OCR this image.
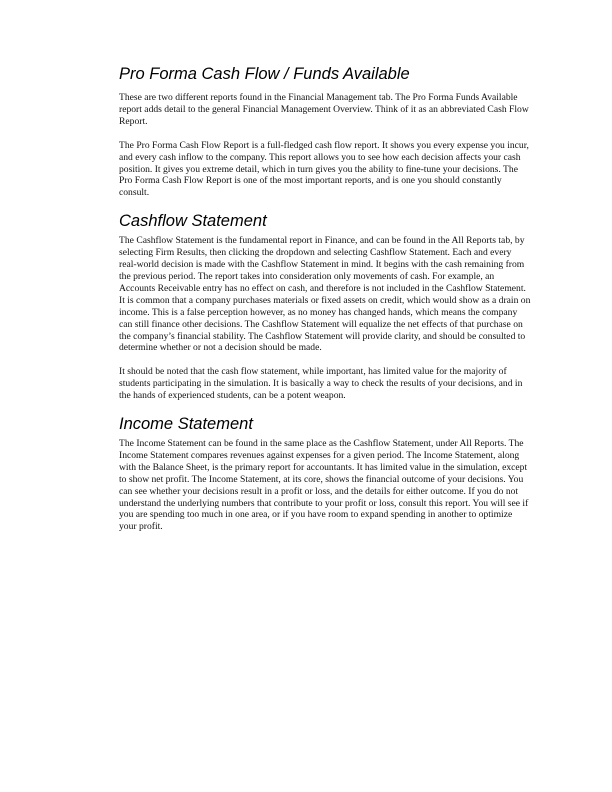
Pro Forma Cash Flow / Funds Available

These are two different reports found in the Financial Management tab. The Pro Forma Funds Available report adds detail to the general Financial Management Overview. Think of it as an abbreviated Cash Flow Report.

The Pro Forma Cash Flow Report is a full-fledged cash flow report. It shows you every expense you incur, and every cash inflow to the company. This report allows you to see how each decision affects your cash position. It gives you extreme detail, which in turn gives you the ability to fine-tune your decisions. The Pro Forma Cash Flow Report is one of the most important reports, and is one you should constantly consult.

Cashflow Statement

The Cashflow Statement is the fundamental report in Finance, and can be found in the All Reports tab, by selecting Firm Results, then clicking the dropdown and selecting Cashflow Statement. Each and every real-world decision is made with the Cashflow Statement in mind. It begins with the cash remaining from the previous period. The report takes into consideration only movements of cash. For example, an Accounts Receivable entry has no effect on cash, and therefore is not included in the Cashflow Statement. It is common that a company purchases materials or fixed assets on credit, which would show as a drain on income. This is a false perception however, as no money has changed hands, which means the company can still finance other decisions. The Cashflow Statement will equalize the net effects of that purchase on the company’s financial stability. The Cashflow Statement will provide clarity, and should be consulted to determine whether or not a decision should be made.

It should be noted that the cash flow statement, while important, has limited value for the majority of students participating in the simulation. It is basically a way to check the results of your decisions, and in the hands of experienced students, can be a potent weapon.

Income Statement

The Income Statement can be found in the same place as the Cashflow Statement, under All Reports. The Income Statement compares revenues against expenses for a given period. The Income Statement, along with the Balance Sheet, is the primary report for accountants. It has limited value in the simulation, except to show net profit. The Income Statement, at its core, shows the financial outcome of your decisions. You can see whether your decisions result in a profit or loss, and the details for either outcome. If you do not understand the underlying numbers that contribute to your profit or loss, consult this report. You will see if you are spending too much in one area, or if you have room to expand spending in another to optimize your profit.
